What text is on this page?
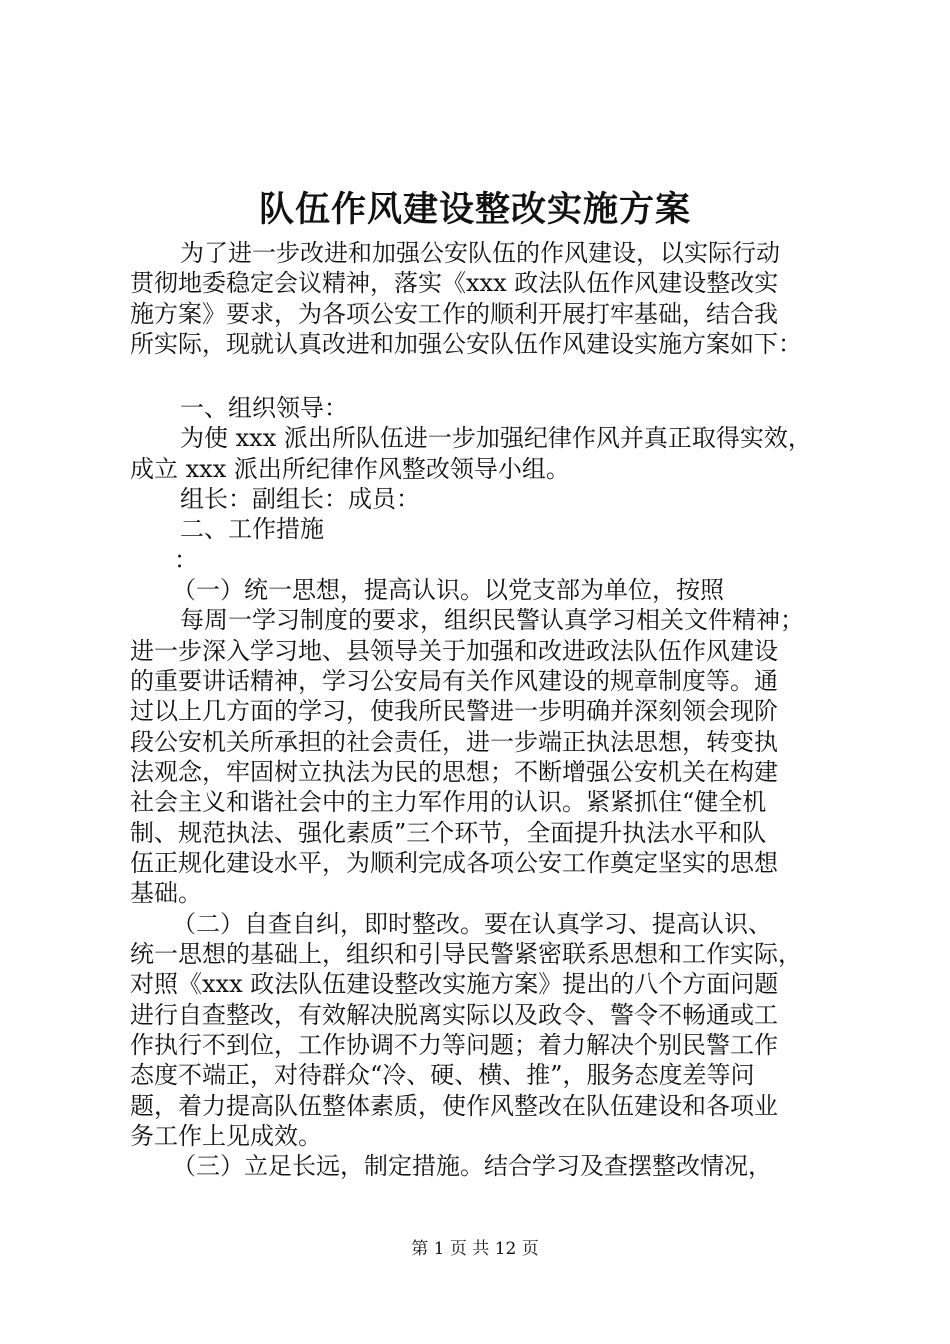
队伍作风建设整改实施方案
为了进一步改进和加强公安队伍的作风建设，以实际行动
贯彻地委稳定会议精神，落实《xxx 政法队伍作风建设整改实
施方案》要求，为各项公安工作的顺利开展打牢基础，结合我
所实际，现就认真改进和加强公安队伍作风建设实施方案如下：
一、组织领导：
为使 xxx 派出所队伍进一步加强纪律作风并真正取得实效，
成立 xxx 派出所纪律作风整改领导小组。
组长：副组长：成员：
二、工作措施
：
（一）统一思想，提高认识。以党支部为单位，按照
每周一学习制度的要求，组织民警认真学习相关文件精神；
进一步深入学习地、县领导关于加强和改进政法队伍作风建设
的重要讲话精神，学习公安局有关作风建设的规章制度等。通
过以上几方面的学习，使我所民警进一步明确并深刻领会现阶
段公安机关所承担的社会责任，进一步端正执法思想，转变执
法观念，牢固树立执法为民的思想；不断增强公安机关在构建
社会主义和谐社会中的主力军作用的认识。紧紧抓住“健全机
制、规范执法、强化素质”三个环节，全面提升执法水平和队
伍正规化建设水平，为顺利完成各项公安工作奠定坚实的思想
基础。
（二）自查自纠，即时整改。要在认真学习、提高认识、
统一思想的基础上，组织和引导民警紧密联系思想和工作实际，
对照《xxx 政法队伍建设整改实施方案》提出的八个方面问题
进行自查整改，有效解决脱离实际以及政令、警令不畅通或工
作执行不到位，工作协调不力等问题；着力解决个别民警工作
态度不端正，对待群众“冷、硬、横、推”，服务态度差等问
题，着力提高队伍整体素质，使作风整改在队伍建设和各项业
务工作上见成效。
（三）立足长远，制定措施。结合学习及查摆整改情况，
第 1 页 共 12 页
